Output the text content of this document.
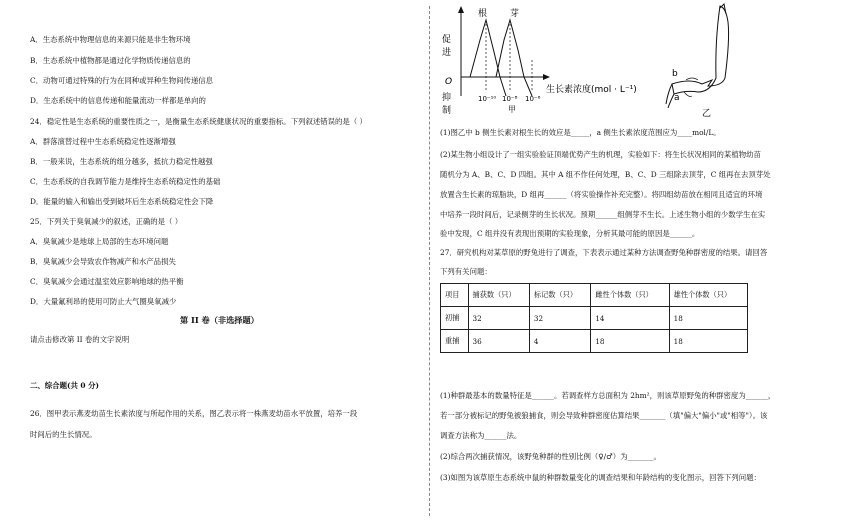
A．生态系统中物理信息的来源只能是非生物环境
B．生态系统中植物都是通过化学物质传递信息的
C．动物可通过特殊的行为在同种或异种生物间传递信息
D．生态系统中的信息传递和能量流动一样都是单向的
24．稳定性是生态系统的重要性质之一，是衡量生态系统健康状况的重要指标。下列叙述错误的是（ ）
A．群落演替过程中生态系统稳定性逐渐增强
B．一般来说，生态系统的组分越多，抵抗力稳定性越强
C．生态系统的自我调节能力是维持生态系统稳定性的基础
D．能量的输入和输出受到破坏后生态系统稳定性会下降
25．下列关于臭氧减少的叙述，正确的是（ ）
A．臭氧减少是地球上局部的生态环境问题
B．臭氧减少会导致农作物减产和水产品损失
C．臭氧减少会通过温室效应影响地球的热平衡
D．大量氟利昂的使用可防止大气圈臭氧减少
第 II 卷（非选择题）
请点击修改第 II 卷的文字说明
二、综合题(共 0 分)
26．图甲表示燕麦幼苗生长素浓度与所起作用的关系，图乙表示将一株燕麦幼苗水平放置，培养一段
时间后的生长情况。
促
进
O
抑
制
根	芽
10⁻¹⁰ 10⁻⁸ 10⁻⁶
甲
生长素浓度(mol · L⁻¹)
b
a
乙
(1)图乙中 b 侧生长素对根生长的效应是_____，a 侧生长素浓度范围应为____mol/L。
(2)某生物小组设计了一组实验验证顶端优势产生的机理，实验如下：将生长状况相同的某植物幼苗
随机分为 A、B、C、D 四组。其中 A 组不作任何处理，B、C、D 三组除去顶芽，C 组再在去顶芽处
放置含生长素的琼脂块，D 组再______（将实验操作补充完整）。将四组幼苗放在相同且适宜的环境
中培养一段时间后，记录侧芽的生长状况。预期______组侧芽不生长。上述生物小组的少数学生在实
验中发现，C 组并没有表现出预期的实验现象，分析其最可能的原因是______。
27．研究机构对某草原的野兔进行了调查，下表表示通过某种方法调查野兔种群密度的结果。请回答
下列有关问题：
项目	捕获数（只）	标记数（只）	雌性个体数（只）	雄性个体数（只）
初捕	32	32	14	18
重捕	36	4	18	18
(1)种群最基本的数量特征是______。若调查样方总面积为 2hm²，则该草原野兔的种群密度为______，
若一部分被标记的野兔被狼捕食，则会导致种群密度估算结果_______（填"偏大"偏小"或"相等"）。该
调查方法称为______法。
(2)综合两次捕获情况，该野兔种群的性别比例（♀/♂）为_______。
(3)如图为该草原生态系统中鼠的种群数量变化的调查结果和年龄结构的变化图示，回答下列问题：
